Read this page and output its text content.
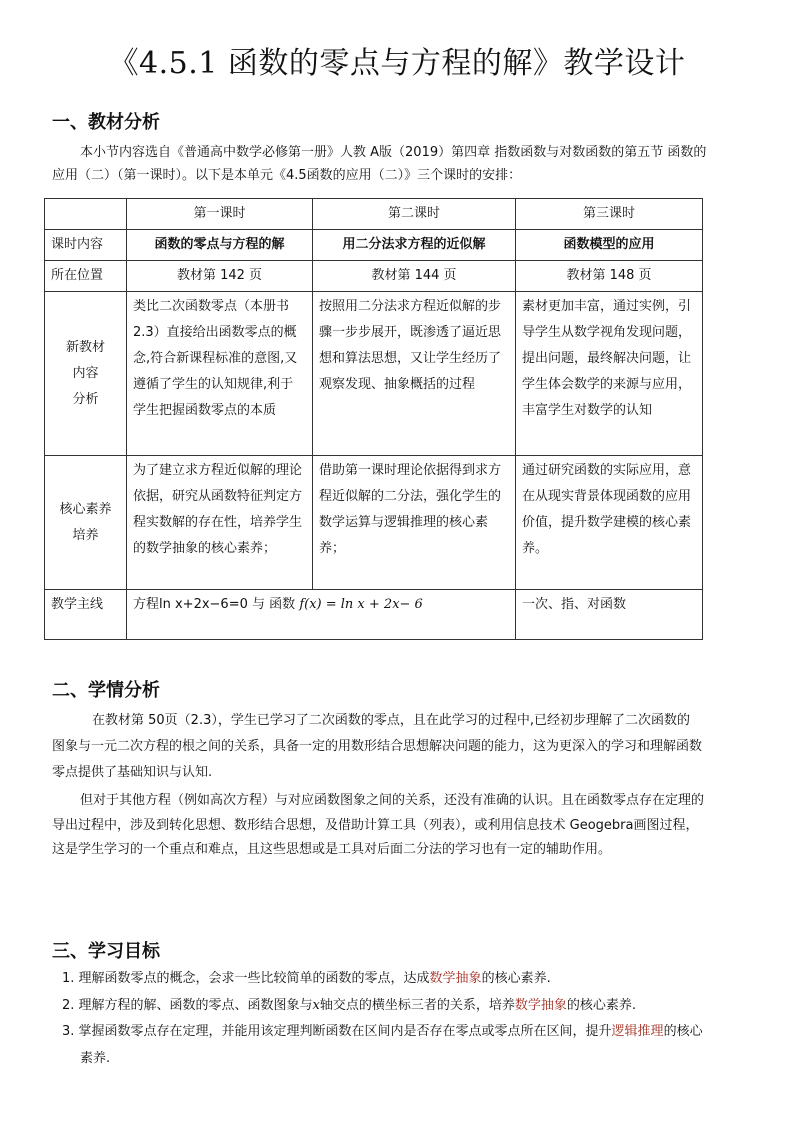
《4.5.1 函数的零点与方程的解》教学设计
一、教材分析
本小节内容选自《普通高中数学必修第一册》人教 A版（2019）第四章 指数函数与对数函数的第五节 函数的
应用（二）（第一课时）。以下是本单元《4.5函数的应用（二）》三个课时的安排：
	第一课时	第二课时	第三课时
课时内容	函数的零点与方程的解	用二分法求方程的近似解	函数模型的应用
所在位置	教材第 142 页	教材第 144 页	教材第 148 页

新教材
内容
分析	类比二次函数零点（本册书 2.3）直接给出函数零点的概念,符合新课程标准的意图,又遵循了学生的认知规律,利于学生把握函数零点的本质	按照用二分法求方程近似解的步骤一步步展开，既渗透了逼近思想和算法思想，又让学生经历了观察发现、抽象概括的过程	素材更加丰富，通过实例，引导学生从数学视角发现问题，提出问题，最终解决问题，让学生体会数学的来源与应用，丰富学生对数学的认知

核心素养
培养	为了建立求方程近似解的理论依据，研究从函数特征判定方程实数解的存在性，培养学生的数学抽象的核心素养；	借助第一课时理论依据得到求方程近似解的二分法，强化学生的数学运算与逻辑推理的核心素养；	通过研究函数的实际应用，意在从现实背景体现函数的应用价值，提升数学建模的核心素养。
教学主线	方程ln x+2x−6=0 与 函数 f(x) = ln x + 2x− 6		一次、指、对函数
二、学情分析
在教材第 50页（2.3），学生已学习了二次函数的零点，且在此学习的过程中,已经初步理解了二次函数的
图象与一元二次方程的根之间的关系，具备一定的用数形结合思想解决问题的能力，这为更深入的学习和理解函数
零点提供了基础知识与认知.
但对于其他方程（例如高次方程）与对应函数图象之间的关系，还没有准确的认识。且在函数零点存在定理的
导出过程中，涉及到转化思想、数形结合思想，及借助计算工具（列表），或利用信息技术 Geogebra画图过程，
这是学生学习的一个重点和难点，且这些思想或是工具对后面二分法的学习也有一定的辅助作用。
三、学习目标
1. 理解函数零点的概念，会求一些比较简单的函数的零点，达成数学抽象的核心素养.
2. 理解方程的解、函数的零点、函数图象与x轴交点的横坐标三者的关系，培养数学抽象的核心素养.
3. 掌握函数零点存在定理，并能用该定理判断函数在区间内是否存在零点或零点所在区间，提升逻辑推理的核心
素养.
